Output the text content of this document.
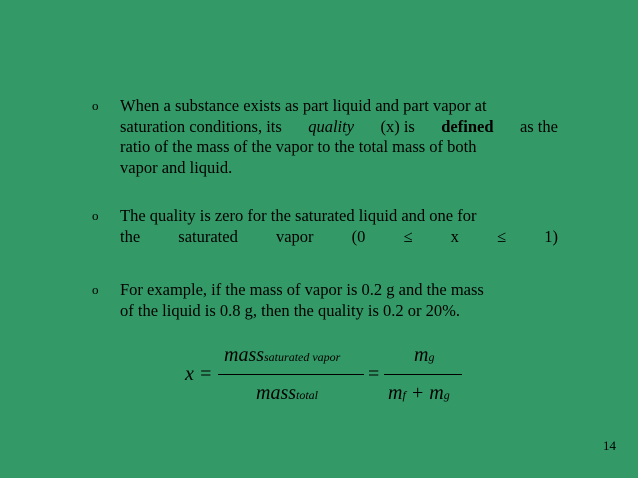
o When a substance exists as part liquid and part vapor at
saturation conditions, its quality (x) is defined as the
ratio of the mass of the vapor to the total mass of both
vapor and liquid.
o The quality is zero for the saturated liquid and one for
the saturated vapor (0 ≤ x ≤ 1)
o For example, if the mass of vapor is 0.2 g and the mass
of the liquid is 0.8 g, then the quality is 0.2 or 20%.
x =
masssaturated vapor
masstotal
=
mg
mf + mg
14
